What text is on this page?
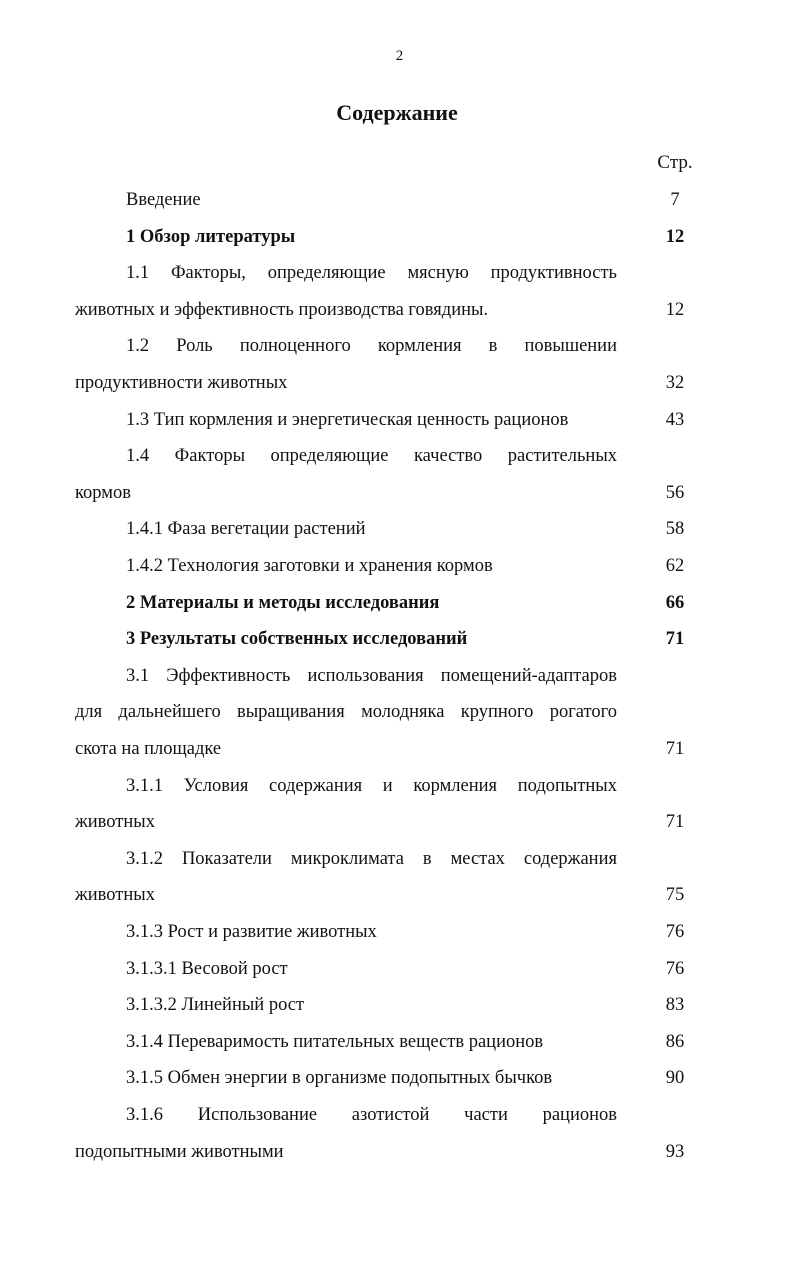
2
Содержание
Стр.
Введение	7
1 Обзор литературы	12
1.1 Факторы, определяющие мясную продуктивность
животных и эффективность производства говядины.	12
1.2 Роль полноценного кормления в повышении
продуктивности животных	32
1.3 Тип кормления и энергетическая ценность рационов	43
1.4 Факторы определяющие качество растительных
кормов	56
1.4.1 Фаза вегетации растений	58
1.4.2 Технология заготовки и хранения кормов	62
2 Материалы и методы исследования	66
3 Результаты собственных исследований	71
3.1 Эффективность использования помещений-адаптаров
для дальнейшего выращивания молодняка крупного рогатого
скота на площадке	71
3.1.1 Условия содержания и кормления подопытных
животных	71
3.1.2 Показатели микроклимата в местах содержания
животных	75
3.1.3 Рост и развитие животных	76
3.1.3.1 Весовой рост	76
3.1.3.2 Линейный рост	83
3.1.4 Переваримость питательных веществ рационов	86
3.1.5 Обмен энергии в организме подопытных бычков	90
3.1.6 Использование азотистой части рационов
подопытными животными	93
